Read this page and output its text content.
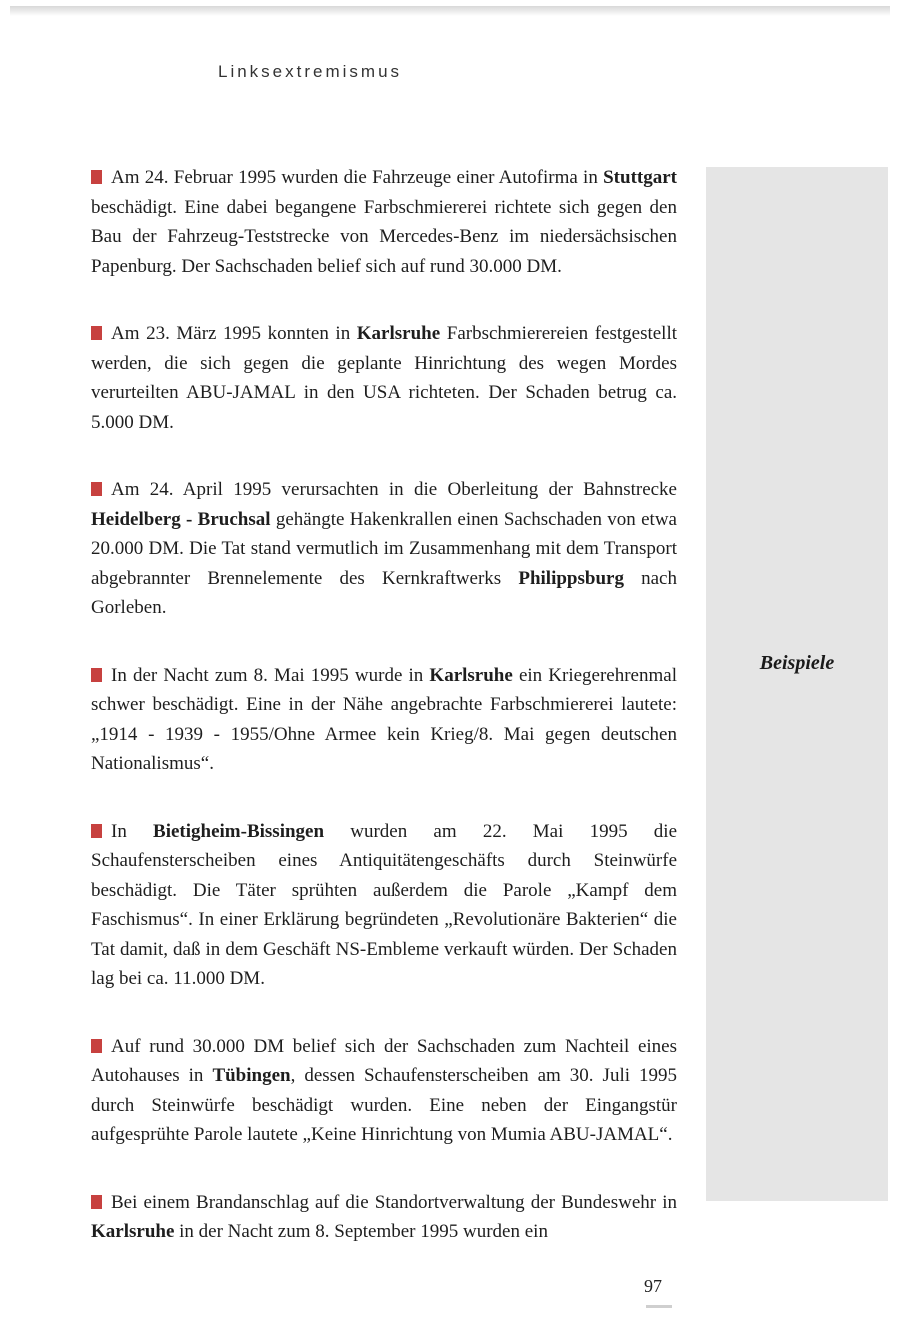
Linksextremismus
Beispiele

Am 24. Februar 1995 wurden die Fahrzeuge einer Autofirma in Stuttgart beschädigt. Eine dabei begangene Farbschmiererei richtete sich gegen den Bau der Fahrzeug-Teststrecke von Mercedes-Benz im niedersächsischen Papenburg. Der Sachschaden belief sich auf rund 30.000 DM.

Am 23. März 1995 konnten in Karlsruhe Farbschmierereien festgestellt werden, die sich gegen die geplante Hinrichtung des wegen Mordes verurteilten ABU-JAMAL in den USA richteten. Der Schaden betrug ca. 5.000 DM.

Am 24. April 1995 verursachten in die Oberleitung der Bahnstrecke Heidelberg - Bruchsal gehängte Hakenkrallen einen Sachschaden von etwa 20.000 DM. Die Tat stand vermutlich im Zusammenhang mit dem Transport abgebrannter Brennelemente des Kernkraftwerks Philippsburg nach Gorleben.

In der Nacht zum 8. Mai 1995 wurde in Karlsruhe ein Kriegerehrenmal schwer beschädigt. Eine in der Nähe angebrachte Farbschmiererei lautete: „1914 - 1939 - 1955/Ohne Armee kein Krieg/8. Mai gegen deutschen Nationalismus“.

In Bietigheim-Bissingen wurden am 22. Mai 1995 die Schaufensterscheiben eines Antiquitätengeschäfts durch Steinwürfe beschädigt. Die Täter sprühten außerdem die Parole „Kampf dem Faschismus“. In einer Erklärung begründeten „Revolutionäre Bakterien“ die Tat damit, daß in dem Geschäft NS-Embleme verkauft würden. Der Schaden lag bei ca. 11.000 DM.

Auf rund 30.000 DM belief sich der Sachschaden zum Nachteil eines Autohauses in Tübingen, dessen Schaufensterscheiben am 30. Juli 1995 durch Steinwürfe beschädigt wurden. Eine neben der Eingangstür aufgesprühte Parole lautete „Keine Hinrichtung von Mumia ABU-JAMAL“.

Bei einem Brandanschlag auf die Standortverwaltung der Bundeswehr in Karlsruhe in der Nacht zum 8. September 1995 wurden ein

97
